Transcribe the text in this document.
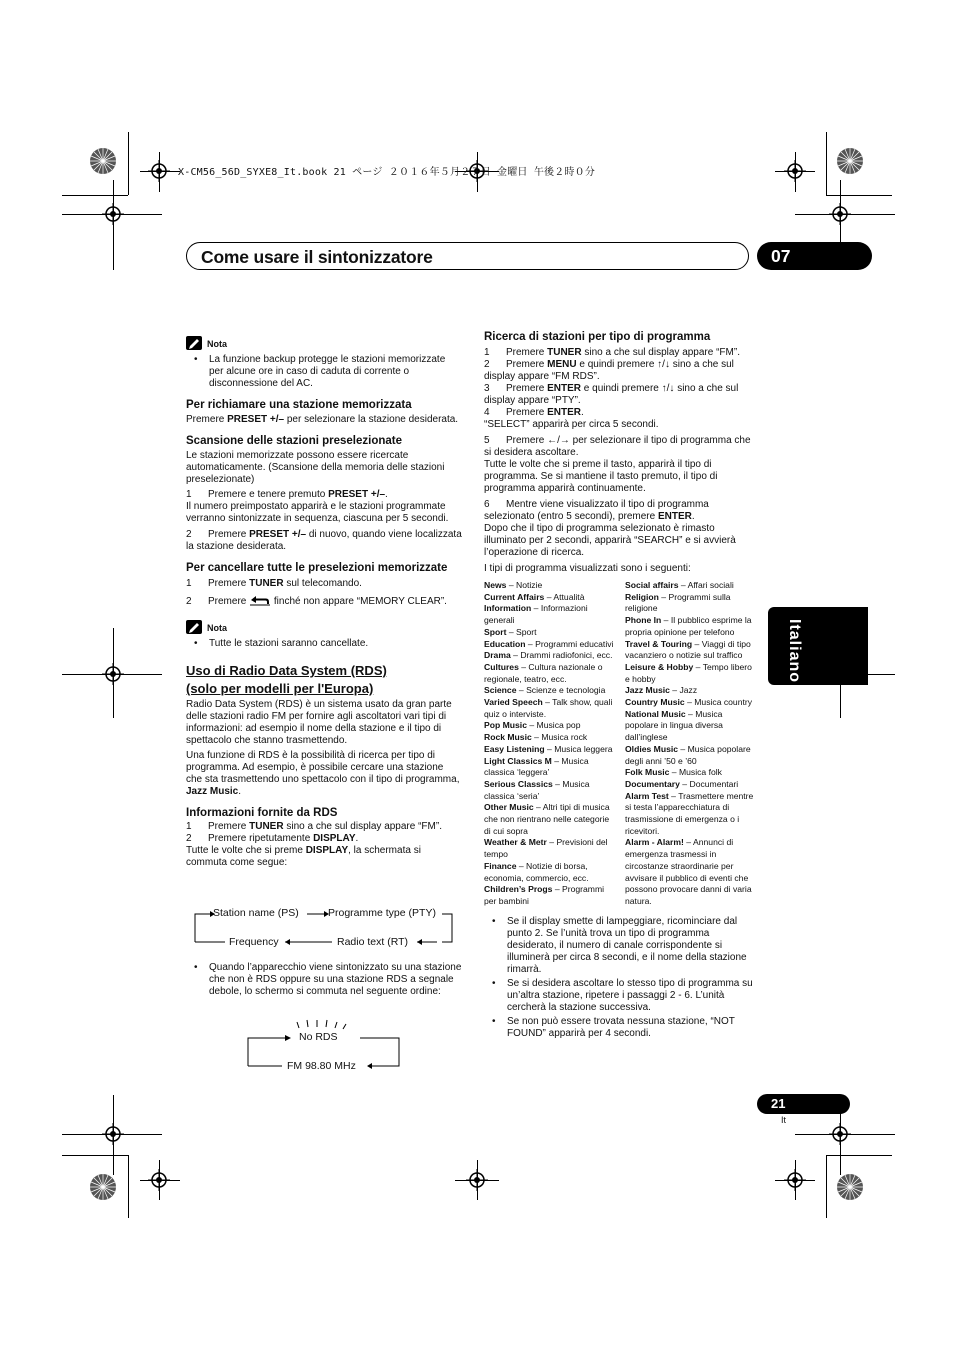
X-CM56_56D_SYXE8_It.book 21 ページ ２０１６年５月２７日 金曜日 午後２時０分
Come usare il sintonizzatore	07
Italiano
Nota
• La funzione backup protegge le stazioni memorizzate per alcune ore in caso di caduta di corrente o disconnessione del AC.
Per richiamare una stazione memorizzata
Premere PRESET +/– per selezionare la stazione desiderata.
Scansione delle stazioni preselezionate
Le stazioni memorizzate possono essere ricercate automaticamente. (Scansione della memoria delle stazioni preselezionate)
1 Premere e tenere premuto PRESET +/–.
Il numero preimpostato apparirà e le stazioni programmate verranno sintonizzate in sequenza, ciascuna per 5 secondi.
2 Premere PRESET +/– di nuovo, quando viene localizzata la stazione desiderata.
Per cancellare tutte le preselezioni memorizzate
1 Premere TUNER sul telecomando.
2 Premere  finché non appare “MEMORY CLEAR”.
Nota
• Tutte le stazioni saranno cancellate.
Uso di Radio Data System (RDS)
(solo per modelli per l'Europa)
Radio Data System (RDS) è un sistema usato da gran parte delle stazioni radio FM per fornire agli ascoltatori vari tipi di informazioni: ad esempio il nome della stazione e il tipo di spettacolo che stanno trasmettendo.
Una funzione di RDS è la possibilità di ricerca per tipo di programma. Ad esempio, è possibile cercare una stazione che sta trasmettendo uno spettacolo con il tipo di programma, Jazz Music.
Informazioni fornite da RDS
1 Premere TUNER sino a che sul display appare “FM”.
2 Premere ripetutamente DISPLAY.
Tutte le volte che si preme DISPLAY, la schermata si commuta come segue:
Station name (PS)	Programme type (PTY)
Frequency	Radio text (RT)
• Quando l’apparecchio viene sintonizzato su una stazione che non è RDS oppure su una stazione RDS a segnale debole, lo schermo si commuta nel seguente ordine:
No RDS
FM 98.80 MHz
Ricerca di stazioni per tipo di programma
1 Premere TUNER sino a che sul display appare “FM”.
2 Premere MENU e quindi premere ↑/↓ sino a che sul display appare “FM RDS”.
3 Premere ENTER e quindi premere ↑/↓ sino a che sul display appare “PTY”.
4 Premere ENTER.
“SELECT” apparirà per circa 5 secondi.
5 Premere ←/→ per selezionare il tipo di programma che si desidera ascoltare.
Tutte le volte che si preme il tasto, apparirà il tipo di programma. Se si mantiene il tasto premuto, il tipo di programma apparirà continuamente.
6 Mentre viene visualizzato il tipo di programma selezionato (entro 5 secondi), premere ENTER.
Dopo che il tipo di programma selezionato è rimasto illuminato per 2 secondi, apparirà “SEARCH” e si avvierà l’operazione di ricerca.
I tipi di programma visualizzati sono i seguenti:
News – Notizie
Current Affairs – Attualità
Information – Informazioni generali
Sport – Sport
Education – Programmi educativi
Drama – Drammi radiofonici, ecc.
Cultures – Cultura nazionale o regionale, teatro, ecc.
Science – Scienze e tecnologia
Varied Speech – Talk show, quali quiz o interviste.
Pop Music – Musica pop
Rock Music – Musica rock
Easy Listening – Musica leggera
Light Classics M – Musica classica ‘leggera’
Serious Classics – Musica classica ‘seria’
Other Music – Altri tipi di musica che non rientrano nelle categorie di cui sopra
Weather & Metr – Previsioni del tempo
Finance – Notizie di borsa, economia, commercio, ecc.
Children’s Progs – Programmi per bambini
Social affairs – Affari sociali
Religion – Programmi sulla religione
Phone In – Il pubblico esprime la propria opinione per telefono
Travel & Touring – Viaggi di tipo vacanziero o notizie sul traffico
Leisure & Hobby – Tempo libero e hobby
Jazz Music – Jazz
Country Music – Musica country
National Music – Musica popolare in lingua diversa dall’inglese
Oldies Music – Musica popolare degli anni ’50 e ’60
Folk Music – Musica folk
Documentary – Documentari
Alarm Test – Trasmettere mentre si testa l’apparecchiatura di trasmissione di emergenza o i ricevitori.
Alarm - Alarm! – Annunci di emergenza trasmessi in circostanze straordinarie per avvisare il pubblico di eventi che possono provocare danni di varia natura.
• Se il display smette di lampeggiare, ricominciare dal punto 2. Se l’unità trova un tipo di programma desiderato, il numero di canale corrispondente si illuminerà per circa 8 secondi, e il nome della stazione rimarrà.
• Se si desidera ascoltare lo stesso tipo di programma su un’altra stazione, ripetere i passaggi 2 - 6. L’unità cercherà la stazione successiva.
• Se non può essere trovata nessuna stazione, “NOT FOUND” apparirà per 4 secondi.
21
It
